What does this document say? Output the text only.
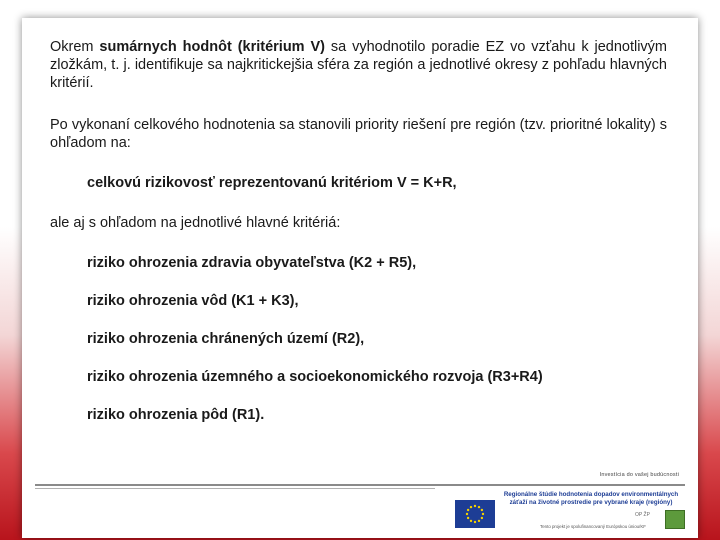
Okrem sumárnych hodnôt (kritérium V) sa vyhodnotilo poradie EZ vo vzťahu k jednotlivým zložkám, t. j. identifikuje sa najkritickejšia sféra za región a jednotlivé okresy z pohľadu hlavných kritérií.

Po vykonaní celkového hodnotenia sa stanovili priority riešení pre región (tzv. prioritné lokality) s ohľadom na:

celkovú rizikovosť reprezentovanú kritériom V = K+R,

ale aj s ohľadom na jednotlivé hlavné kritériá:

riziko ohrozenia zdravia obyvateľstva (K2 + R5),

riziko ohrozenia vôd (K1 + K3),

riziko ohrozenia chránených území (R2),

riziko ohrozenia územného a socioekonomického rozvoja (R3+R4)

riziko ohrozenia pôd (R1).

Investícia do vašej budúcnosti
Regionálne štúdie hodnotenia dopadov environmentálnych záťaží na životné prostredie pre vybrané kraje (regióny)
OP ŽP
Tento projekt je spolufinancovaný Európskou úniou/KF
